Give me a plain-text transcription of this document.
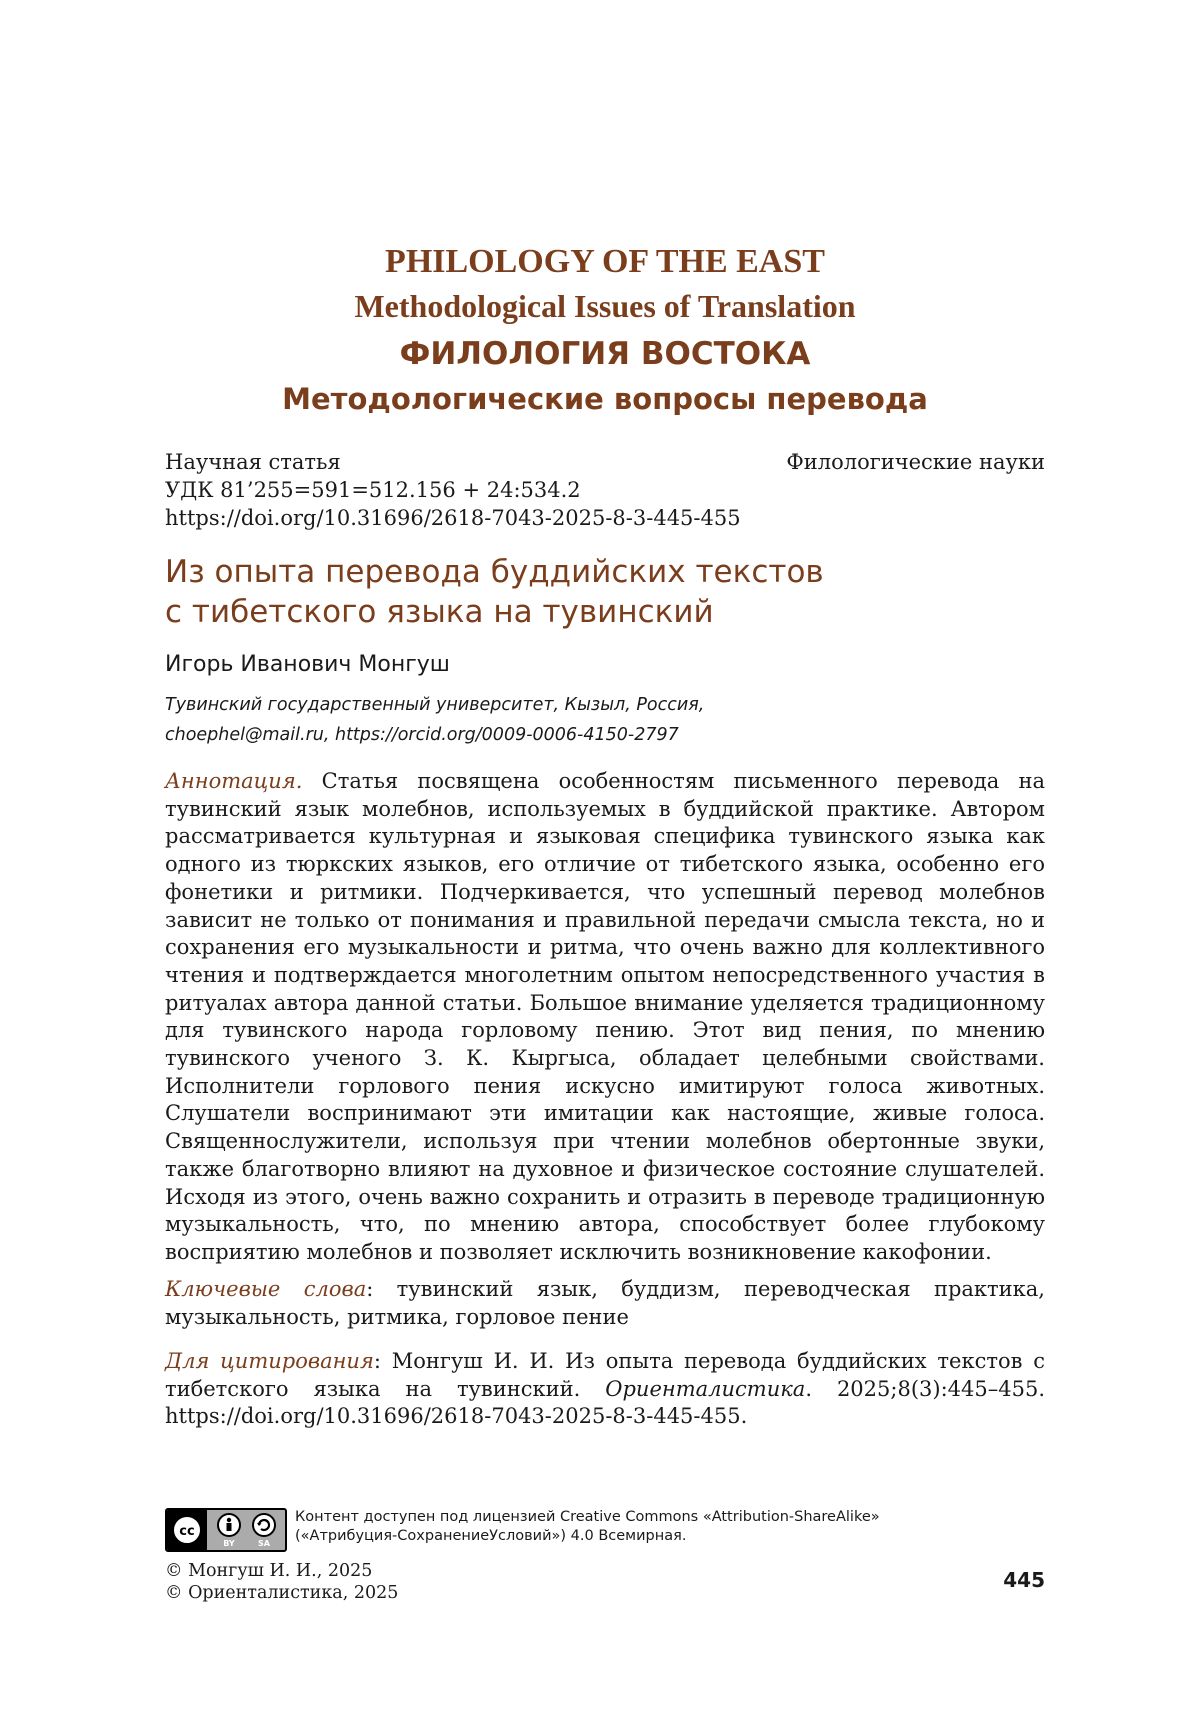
PHILOLOGY OF THE EAST
Methodological Issues of Translation
ФИЛОЛОГИЯ ВОСТОКА
Методологические вопросы перевода
Научная статья	Филологические науки
УДК 81’255=591=512.156 + 24:534.2
https://doi.org/10.31696/2618-7043-2025-8-3-445-455
Из опыта перевода буддийских текстов
с тибетского языка на тувинский
Игорь Иванович Монгуш
Тувинский государственный университет, Кызыл, Россия,
choephel@mail.ru, https://orcid.org/0009-0006-4150-2797
Аннотация. Статья посвящена особенностям письменного перевода на тувинский язык молебнов, используемых в буддийской практике. Автором рассматривается культурная и языковая специфика тувинского языка как одного из тюркских языков, его отличие от тибетского языка, особенно его фонетики и ритмики. Подчеркивается, что успешный перевод молебнов зависит не только от понимания и правильной передачи смысла текста, но и сохранения его музыкальности и ритма, что очень важно для коллективного чтения и подтверждается многолетним опытом непосредственного участия в ритуалах автора данной статьи. Большое внимание уделяется традиционному для тувинского народа горловому пению. Этот вид пения, по мнению тувинского ученого З. К. Кыргыса, обладает целебными свойствами. Исполнители горлового пения искусно имитируют голоса животных. Слушатели воспринимают эти имитации как настоящие, живые голоса. Священнослужители, используя при чтении молебнов обертонные звуки, также благотворно влияют на духовное и физическое состояние слушателей. Исходя из этого, очень важно сохранить и отразить в переводе традиционную музыкальность, что, по мнению автора, способствует более глубокому восприятию молебнов и позволяет исключить возникновение какофонии.
Ключевые слова: тувинский язык, буддизм, переводческая практика, музыкальность, ритмика, горловое пение
Для цитирования: Монгуш И. И. Из опыта перевода буддийских текстов с тибетского языка на тувинский. Ориенталистика. 2025;8(3):445–455. https://doi.org/10.31696/2618-7043-2025-8-3-445-455.
cc
BY	SA
Контент доступен под лицензией Creative Commons «Attribution-ShareAlike»
(«Атрибуция-СохранениеУсловий») 4.0 Всемирная.
© Монгуш И. И., 2025
© Ориенталистика, 2025
445
